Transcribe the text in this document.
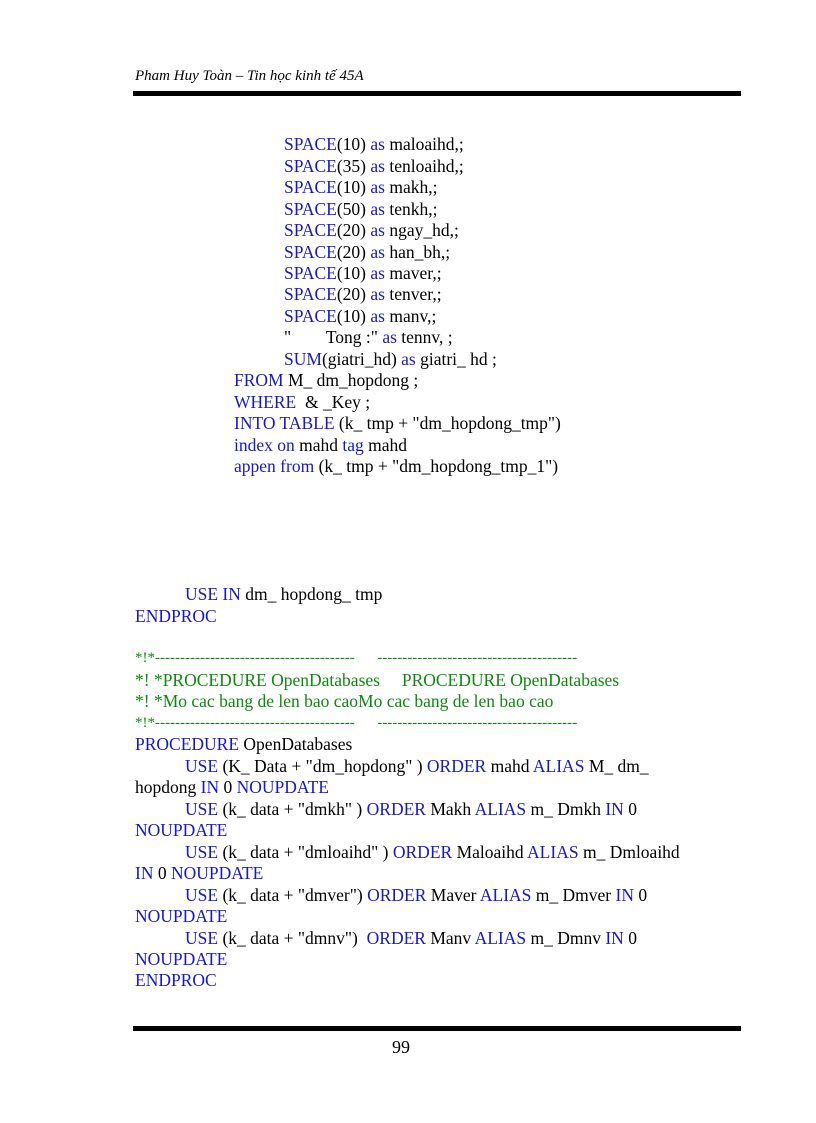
Pham Huy Toàn – Tin học kinh tế 45A
SPACE(10) as maloaihd,;
SPACE(35) as tenloaihd,;
SPACE(10) as makh,;
SPACE(50) as tenkh,;
SPACE(20) as ngay_hd,;
SPACE(20) as han_bh,;
SPACE(10) as maver,;
SPACE(20) as tenver,;
SPACE(10) as manv,;
"        Tong :" as tennv, ;
SUM(giatri_hd) as giatri_ hd ;
FROM M_ dm_hopdong ;
WHERE  & _Key ;
INTO TABLE (k_ tmp + "dm_hopdong_tmp")
index on mahd tag mahd
appen from (k_ tmp + "dm_hopdong_tmp_1")
USE IN dm_ hopdong_ tmp
ENDPROC
*!*----------------------------------------      ----------------------------------------
*! *PROCEDURE OpenDatabases     PROCEDURE OpenDatabases
*! *Mo cac bang de len bao caoMo cac bang de len bao cao
*!*----------------------------------------      ----------------------------------------
PROCEDURE OpenDatabases
USE (K_ Data + "dm_hopdong" ) ORDER mahd ALIAS M_ dm_
hopdong IN 0 NOUPDATE
USE (k_ data + "dmkh" ) ORDER Makh ALIAS m_ Dmkh IN 0
NOUPDATE
USE (k_ data + "dmloaihd" ) ORDER Maloaihd ALIAS m_ Dmloaihd
IN 0 NOUPDATE
USE (k_ data + "dmver") ORDER Maver ALIAS m_ Dmver IN 0
NOUPDATE
USE (k_ data + "dmnv")  ORDER Manv ALIAS m_ Dmnv IN 0
NOUPDATE
ENDPROC
99
